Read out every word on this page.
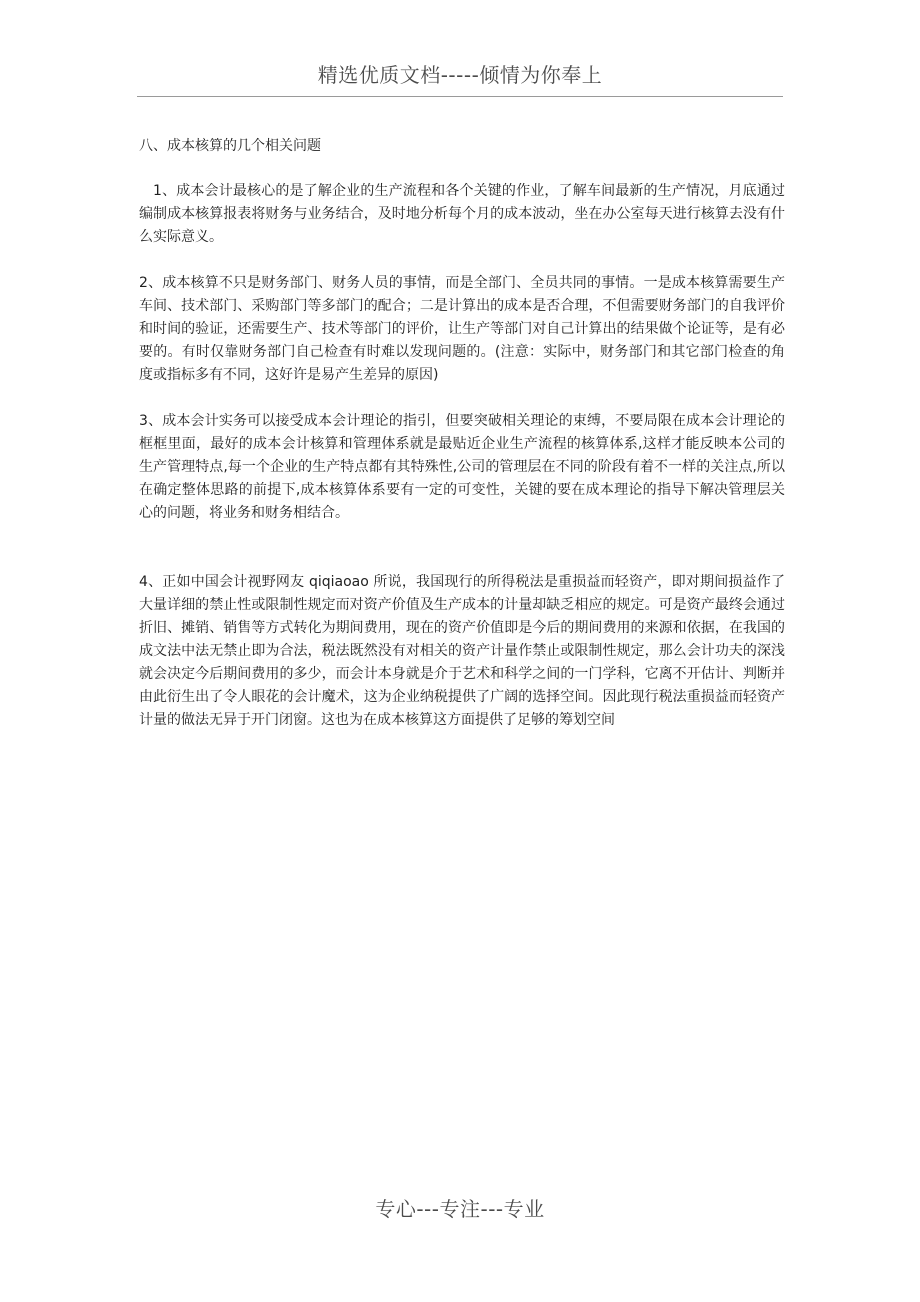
精选优质文档-----倾情为你奉上

八、成本核算的几个相关问题

1、成本会计最核心的是了解企业的生产流程和各个关键的作业，了解车间最新的生产情况，月底通过编制成本核算报表将财务与业务结合，及时地分析每个月的成本波动，坐在办公室每天进行核算去没有什么实际意义。

2、成本核算不只是财务部门、财务人员的事情，而是全部门、全员共同的事情。一是成本核算需要生产车间、技术部门、采购部门等多部门的配合；二是计算出的成本是否合理，不但需要财务部门的自我评价和时间的验证，还需要生产、技术等部门的评价，让生产等部门对自己计算出的结果做个论证等，是有必要的。有时仅靠财务部门自己检查有时难以发现问题的。(注意：实际中，财务部门和其它部门检查的角度或指标多有不同，这好许是易产生差异的原因)

3、成本会计实务可以接受成本会计理论的指引，但要突破相关理论的束缚，不要局限在成本会计理论的框框里面，最好的成本会计核算和管理体系就是最贴近企业生产流程的核算体系,这样才能反映本公司的生产管理特点,每一个企业的生产特点都有其特殊性,公司的管理层在不同的阶段有着不一样的关注点,所以在确定整体思路的前提下,成本核算体系要有一定的可变性，关键的要在成本理论的指导下解决管理层关心的问题，将业务和财务相结合。

4、正如中国会计视野网友 qiqiaoao 所说，我国现行的所得税法是重损益而轻资产，即对期间损益作了大量详细的禁止性或限制性规定而对资产价值及生产成本的计量却缺乏相应的规定。可是资产最终会通过折旧、摊销、销售等方式转化为期间费用，现在的资产价值即是今后的期间费用的来源和依据，在我国的成文法中法无禁止即为合法，税法既然没有对相关的资产计量作禁止或限制性规定，那么会计功夫的深浅就会决定今后期间费用的多少，而会计本身就是介于艺术和科学之间的一门学科，它离不开估计、判断并由此衍生出了令人眼花的会计魔术，这为企业纳税提供了广阔的选择空间。因此现行税法重损益而轻资产计量的做法无异于开门闭窗。这也为在成本核算这方面提供了足够的筹划空间

专心---专注---专业
